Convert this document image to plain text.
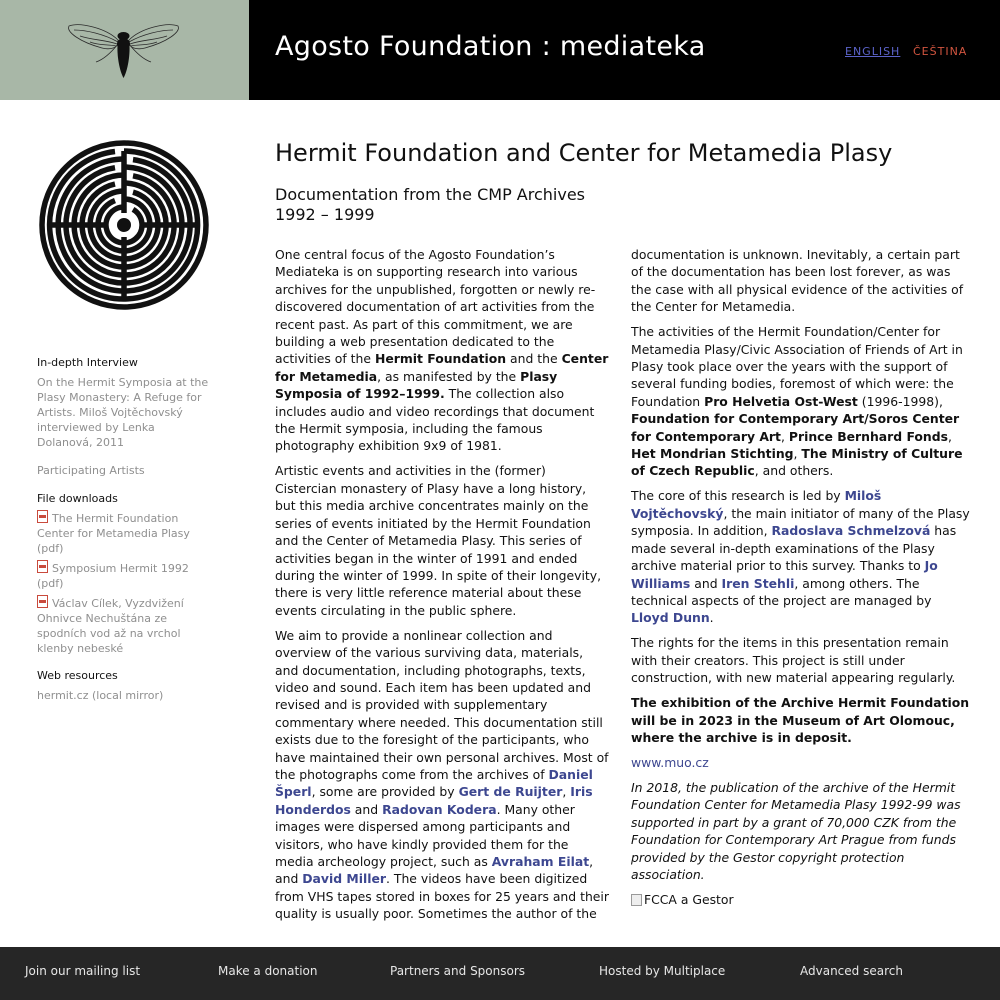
Agosto Foundation : mediateka	ENGLISH ČEŠTINA
In-depth Interview
On the Hermit Symposia at the Plasy Monastery: A Refuge for Artists. Miloš Vojtěchovský interviewed by Lenka Dolanová, 2011
Participating Artists
File downloads
The Hermit Foundation Center for Metamedia Plasy (pdf)
Symposium Hermit 1992 (pdf)
Václav Cílek, Vyzdvižení Ohnivce Nechuštána ze spodních vod až na vrchol klenby nebeské
Web resources
hermit.cz (local mirror)
Hermit Foundation and Center for Metamedia Plasy
Documentation from the CMP Archives
1992 – 1999

One central focus of the Agosto Foundation’s Mediateka is on supporting research into various archives for the unpublished, forgotten or newly re-discovered documentation of art activities from the recent past. As part of this commitment, we are building a web presentation dedicated to the activities of the Hermit Foundation and the Center for Metamedia, as manifested by the Plasy Symposia of 1992–1999. The collection also includes audio and video recordings that document the Hermit symposia, including the famous photography exhibition 9x9 of 1981.

Artistic events and activities in the (former) Cistercian monastery of Plasy have a long history, but this media archive concentrates mainly on the series of events initiated by the Hermit Foundation and the Center of Metamedia Plasy. This series of activities began in the winter of 1991 and ended during the winter of 1999. In spite of their longevity, there is very little reference material about these events circulating in the public sphere.

We aim to provide a nonlinear collection and overview of the various surviving data, materials, and documentation, including photographs, texts, video and sound. Each item has been updated and revised and is provided with supplementary commentary where needed. This documentation still exists due to the foresight of the participants, who have maintained their own personal archives. Most of the photographs come from the archives of Daniel Šperl, some are provided by Gert de Ruijter, Iris Honderdos and Radovan Kodera. Many other images were dispersed among participants and visitors, who have kindly provided them for the media archeology project, such as Avraham Eilat, and David Miller. The videos have been digitized from VHS tapes stored in boxes for 25 years and their quality is usually poor. Sometimes the author of the

documentation is unknown. Inevitably, a certain part of the documentation has been lost forever, as was the case with all physical evidence of the activities of the Center for Metamedia.

The activities of the Hermit Foundation/Center for Metamedia Plasy/Civic Association of Friends of Art in Plasy took place over the years with the support of several funding bodies, foremost of which were: the Foundation Pro Helvetia Ost-West (1996-1998), Foundation for Contemporary Art/Soros Center for Contemporary Art, Prince Bernhard Fonds, Het Mondrian Stichting, The Ministry of Culture of Czech Republic, and others.

The core of this research is led by Miloš Vojtěchovský, the main initiator of many of the Plasy symposia. In addition, Radoslava Schmelzová has made several in-depth examinations of the Plasy archive material prior to this survey. Thanks to Jo Williams and Iren Stehli, among others. The technical aspects of the project are managed by Lloyd Dunn.

The rights for the items in this presentation remain with their creators. This project is still under construction, with new material appearing regularly.

The exhibition of the Archive Hermit Foundation will be in 2023 in the Museum of Art Olomouc, where the archive is in deposit.

www.muo.cz

In 2018, the publication of the archive of the Hermit Foundation Center for Metamedia Plasy 1992-99 was supported in part by a grant of 70,000 CZK from the Foundation for Contemporary Art Prague from funds provided by the Gestor copyright protection association.

FCCA a Gestor

Join our mailing list	Make a donation	Partners and Sponsors	Hosted by Multiplace	Advanced search
